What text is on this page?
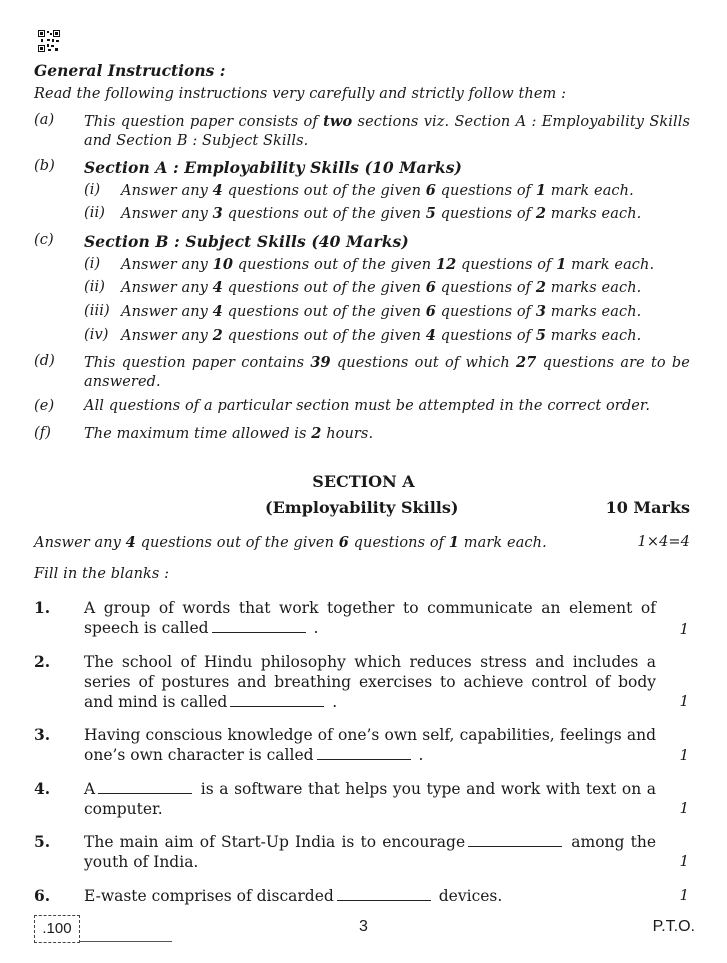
General Instructions :
Read the following instructions very carefully and strictly follow them :
(a) This question paper consists of two sections viz. Section A : Employability Skills and Section B : Subject Skills.
(b) Section A : Employability Skills (10 Marks)
(i) Answer any 4 questions out of the given 6 questions of 1 mark each.
(ii) Answer any 3 questions out of the given 5 questions of 2 marks each.
(c) Section B : Subject Skills (40 Marks)
(i) Answer any 10 questions out of the given 12 questions of 1 mark each.
(ii) Answer any 4 questions out of the given 6 questions of 2 marks each.
(iii) Answer any 4 questions out of the given 6 questions of 3 marks each.
(iv) Answer any 2 questions out of the given 4 questions of 5 marks each.
(d) This question paper contains 39 questions out of which 27 questions are to be answered.
(e) All questions of a particular section must be attempted in the correct order.
(f) The maximum time allowed is 2 hours.
SECTION A
(Employability Skills)	10 Marks
Answer any 4 questions out of the given 6 questions of 1 mark each.	1×4=4
Fill in the blanks :
1. A group of words that work together to communicate an element of speech is called	.	1
2. The school of Hindu philosophy which reduces stress and includes a series of postures and breathing exercises to achieve control of body and mind is called	.	1
3. Having conscious knowledge of one’s own self, capabilities, feelings and one’s own character is called	.	1
4. A	is a software that helps you type and work with text on a computer.	1
5. The main aim of Start-Up India is to encourage	among the youth of India.	1
6. E-waste comprises of discarded	devices.	1
.100	3	P.T.O.
